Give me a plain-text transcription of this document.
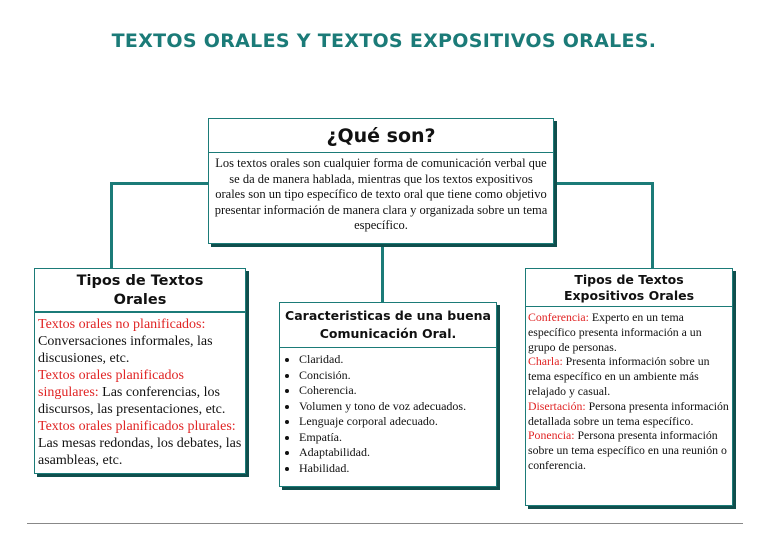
TEXTOS ORALES Y TEXTOS EXPOSITIVOS ORALES.
¿Qué son?
Los textos orales son cualquier forma de comunicación verbal que se da de manera hablada, mientras que los textos expositivos orales son un tipo específico de texto oral que tiene como objetivo presentar información de manera clara y organizada sobre un tema específico.
Tipos de Textos Orales
Textos orales no planificados: Conversaciones informales, las discusiones, etc.
Textos orales planificados singulares: Las conferencias, los discursos, las presentaciones, etc.
Textos orales planificados plurales: Las mesas redondas, los debates, las asambleas, etc.
Caracteristicas de una buena Comunicación Oral.
• Claridad.
• Concisión.
• Coherencia.
• Volumen y tono de voz adecuados.
• Lenguaje corporal adecuado.
• Empatía.
• Adaptabilidad.
• Habilidad.
Tipos de Textos Expositivos Orales
Conferencia: Experto en un tema específico presenta información a un grupo de personas.
Charla: Presenta información sobre un tema específico en un ambiente más relajado y casual.
Disertación: Persona presenta información detallada sobre un tema específico.
Ponencia: Persona presenta información sobre un tema específico en una reunión o conferencia.
